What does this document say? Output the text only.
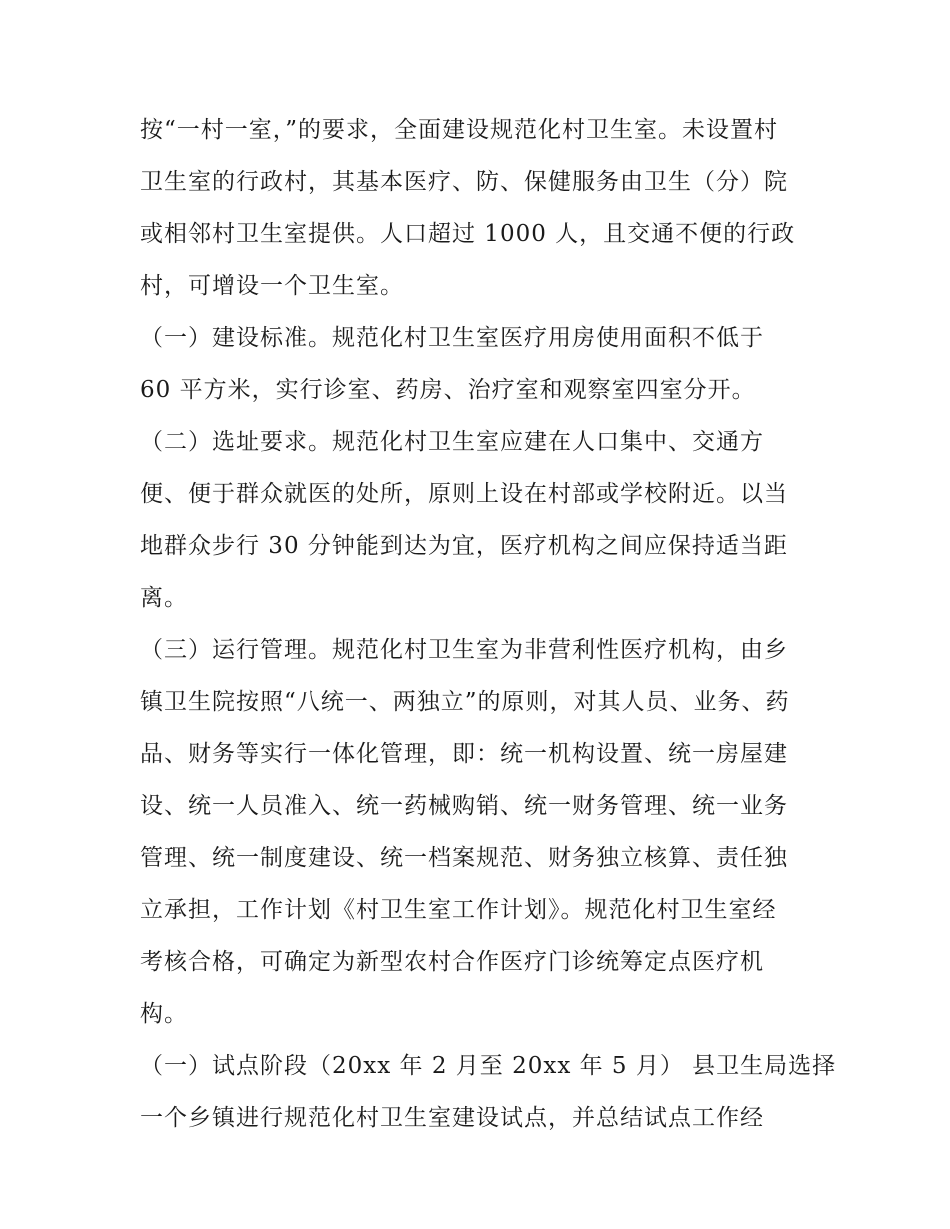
按“一村一室，”的要求，全面建设规范化村卫生室。未设置村
卫生室的行政村，其基本医疗、防、保健服务由卫生（分）院
或相邻村卫生室提供。人口超过 1000 人，且交通不便的行政
村，可增设一个卫生室。
（一）建设标准。规范化村卫生室医疗用房使用面积不低于
60 平方米，实行诊室、药房、治疗室和观察室四室分开。
（二）选址要求。规范化村卫生室应建在人口集中、交通方
便、便于群众就医的处所，原则上设在村部或学校附近。以当
地群众步行 30 分钟能到达为宜，医疗机构之间应保持适当距
离。
（三）运行管理。规范化村卫生室为非营利性医疗机构，由乡
镇卫生院按照“八统一、两独立”的原则，对其人员、业务、药
品、财务等实行一体化管理，即：统一机构设置、统一房屋建
设、统一人员准入、统一药械购销、统一财务管理、统一业务
管理、统一制度建设、统一档案规范、财务独立核算、责任独
立承担，工作计划《村卫生室工作计划》。规范化村卫生室经
考核合格，可确定为新型农村合作医疗门诊统筹定点医疗机
构。
（一）试点阶段（20xx 年 2 月至 20xx 年 5 月） 县卫生局选择
一个乡镇进行规范化村卫生室建设试点，并总结试点工作经
